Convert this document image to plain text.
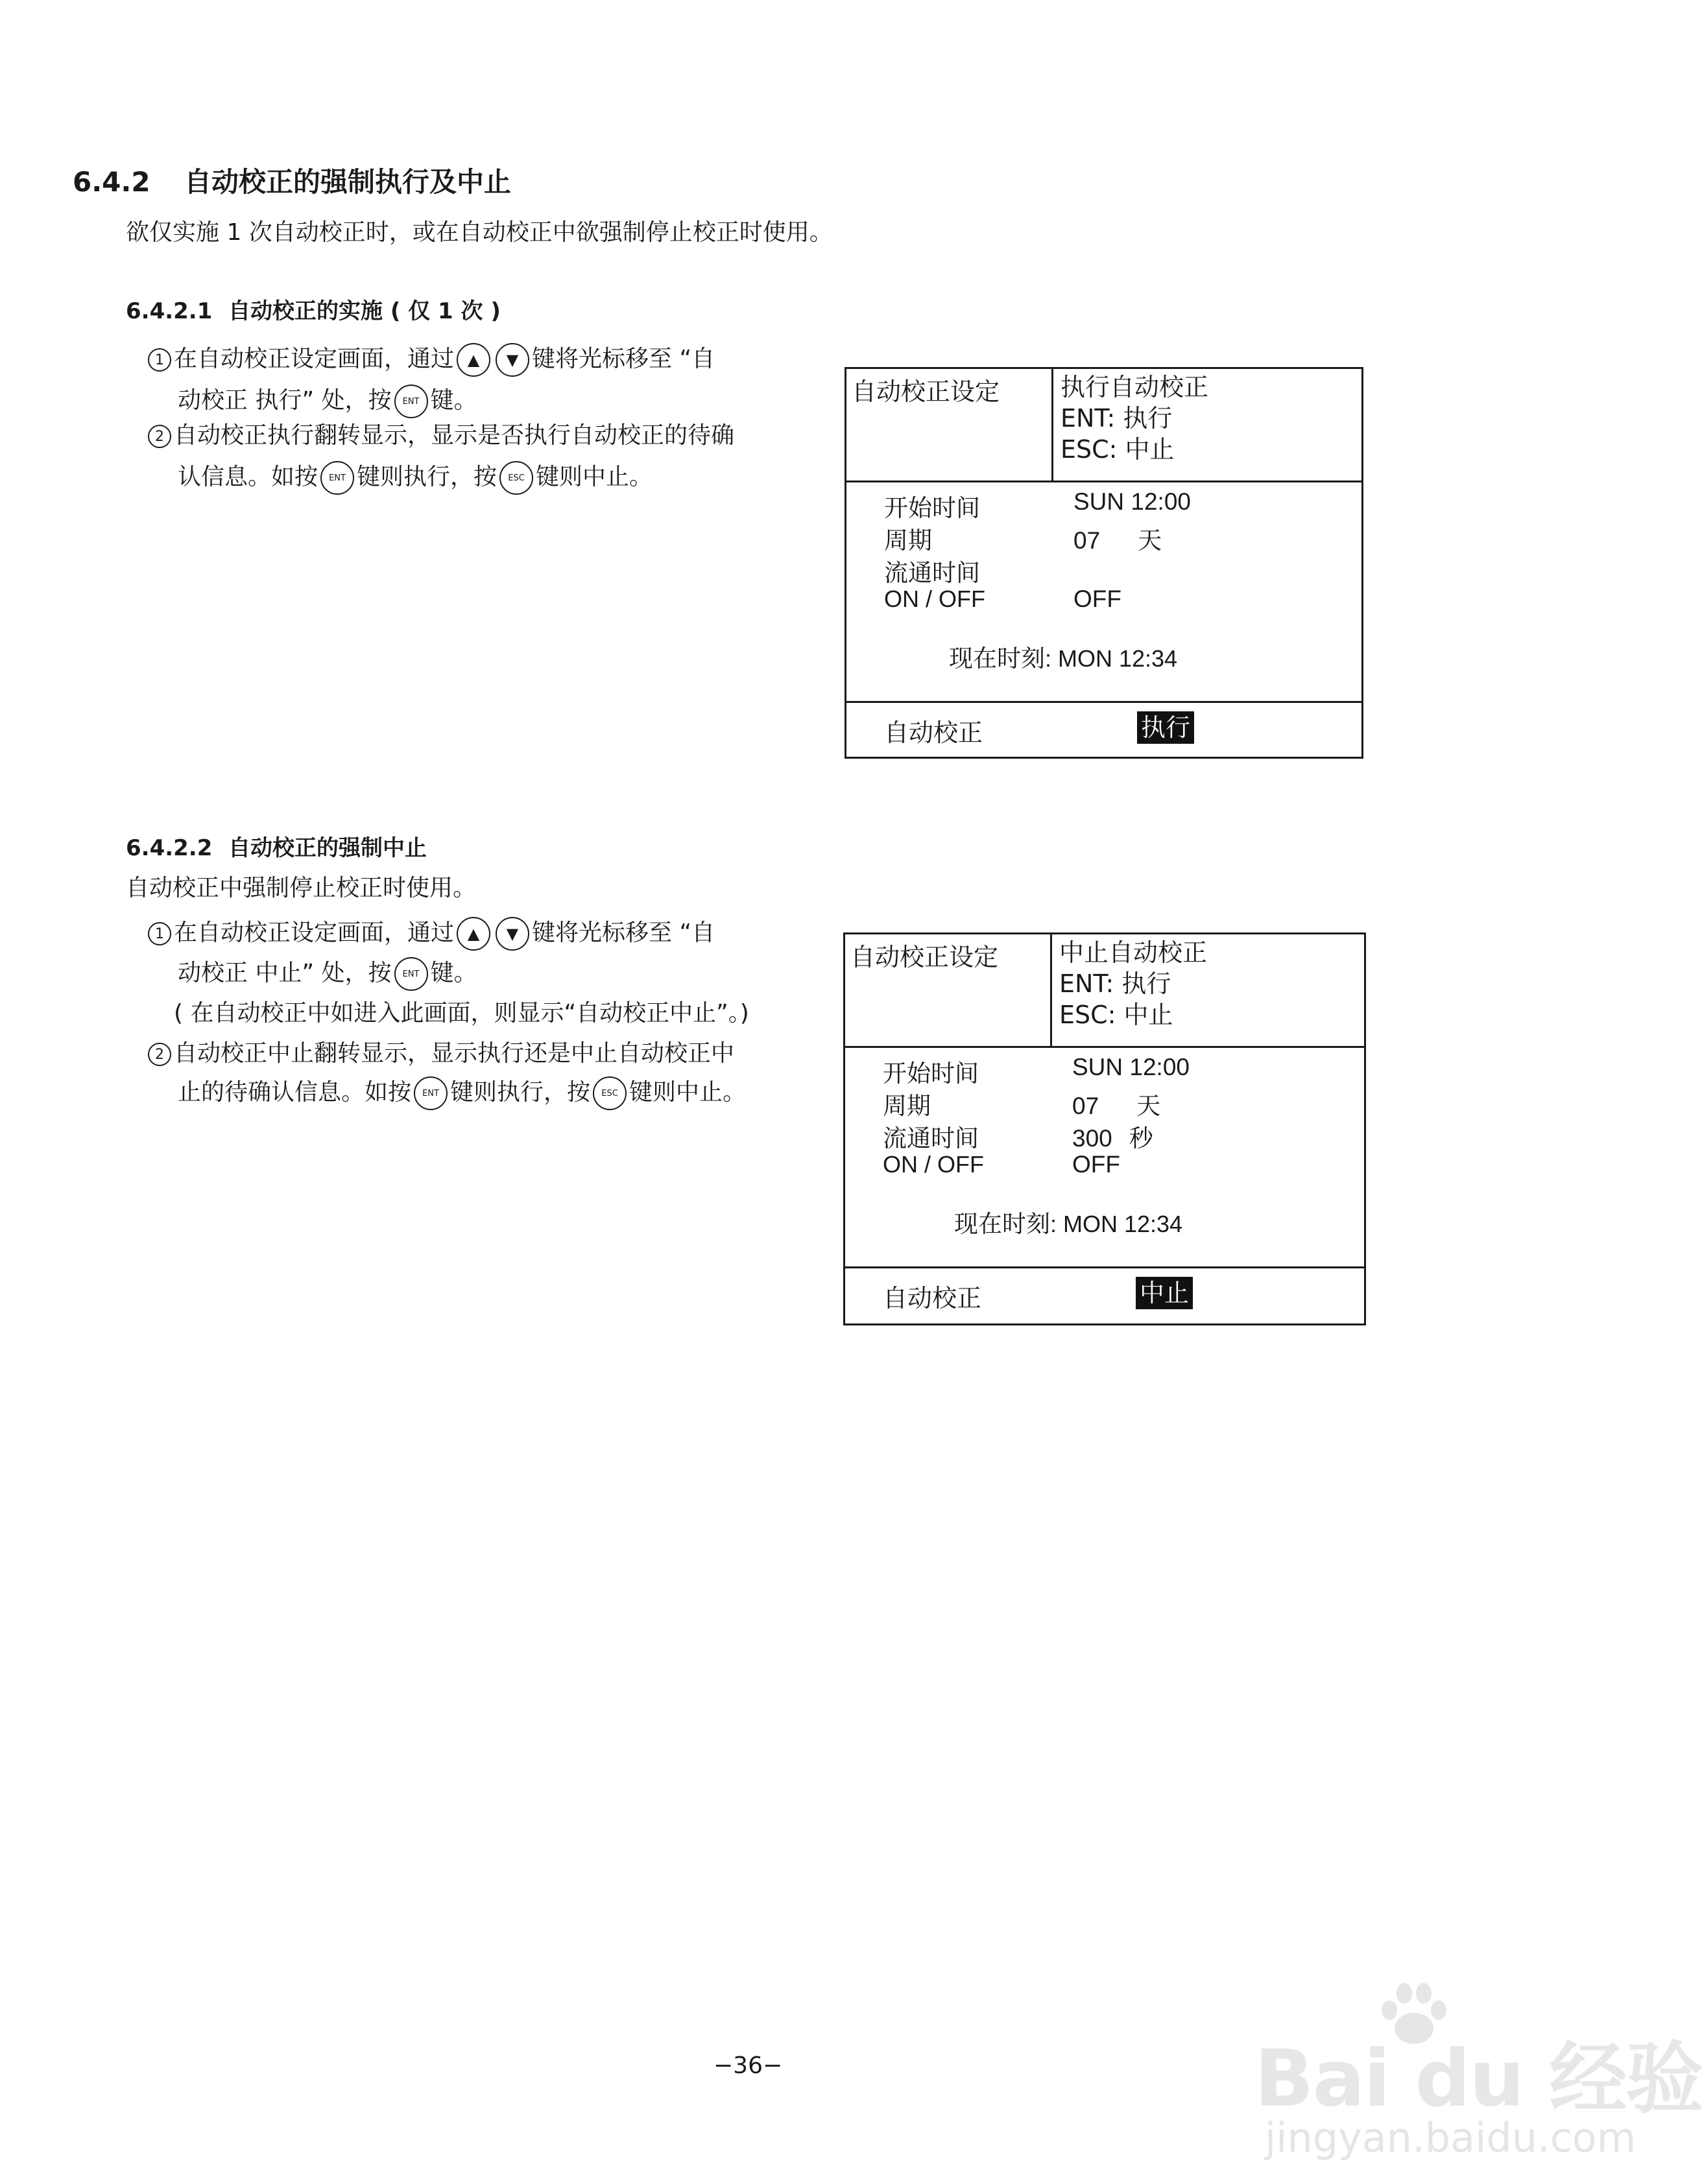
6.4.2 自动校正的强制执行及中止
欲仅实施 1 次自动校正时，或在自动校正中欲强制停止校正时使用。
6.4.2.1 自动校正的实施 ( 仅 1 次 )
1 在自动校正设定画面，通过 ▲ ▼ 键将光标移至 “自
动校正 执行” 处，按 ENT 键。
2 自动校正执行翻转显示，显示是否执行自动校正的待确
认信息。如按 ENT 键则执行，按 ESC 键则中止。
自动校正设定 执行自动校正
ENT: 执行
ESC: 中止
开始时间	SUN 12:00
周期	07 天
流通时间
ON / OFF	OFF
现在时刻: MON 12:34
自动校正	执行
6.4.2.2 自动校正的强制中止
自动校正中强制停止校正时使用。
1 在自动校正设定画面，通过 ▲ ▼ 键将光标移至 “自
动校正 中止” 处，按 ENT 键。
( 在自动校正中如进入此画面，则显示“自动校正中止”。)
2 自动校正中止翻转显示，显示执行还是中止自动校正中
止的待确认信息。如按 ENT 键则执行，按 ESC 键则中止。
自动校正设定 中止自动校正
ENT: 执行
ESC: 中止
开始时间	SUN 12:00
周期	07 天
流通时间	300 秒
ON / OFF	OFF
现在时刻: MON 12:34
自动校正	中止
−36−	Bai du 经验
jingyan.baidu.com
